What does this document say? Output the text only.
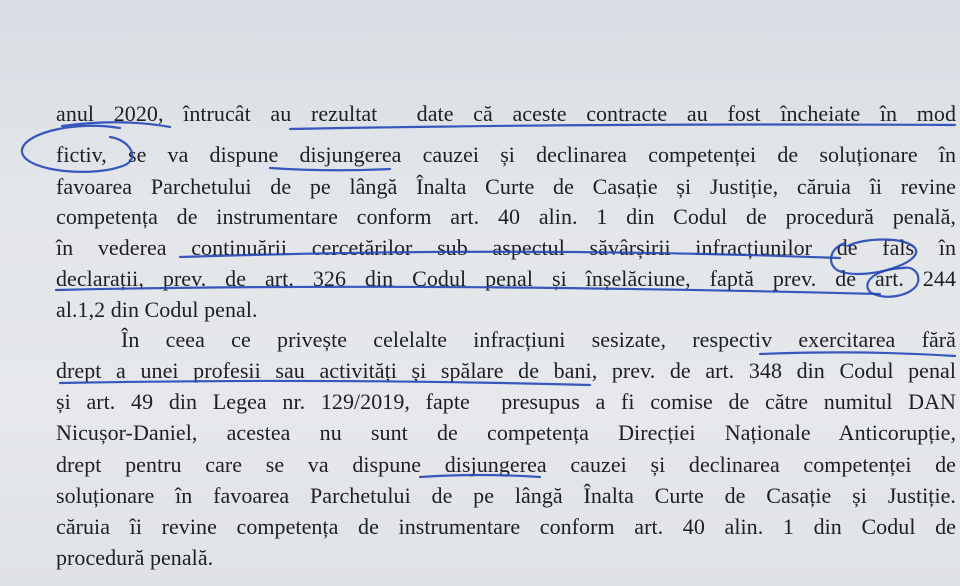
anul 2020, întrucât au rezultat  date că aceste contracte au fost încheiate în mod
fictiv, se va dispune disjungerea cauzei și declinarea competenței de soluționare în
favoarea Parchetului de pe lângă Înalta Curte de Casație și Justiție, căruia îi revine
competența de instrumentare conform art. 40 alin. 1 din Codul de procedură penală,
în vederea continuării cercetărilor sub aspectul săvârșirii infracțiunilor de fals în
declarații, prev. de art. 326 din Codul penal și înșelăciune, faptă prev. de art. 244
al.1,2 din Codul penal.
În ceea ce privește celelalte infracțiuni sesizate, respectiv exercitarea fără
drept a unei profesii sau activități și spălare de bani, prev. de art. 348 din Codul penal
și art. 49 din Legea nr. 129/2019, fapte  presupus a fi comise de către numitul DAN
Nicușor-Daniel, acestea nu sunt de competența Direcției Naționale Anticorupție,
drept pentru care se va dispune disjungerea cauzei și declinarea competenței de
soluționare în favoarea Parchetului de pe lângă Înalta Curte de Casație și Justiție.
căruia îi revine competența de instrumentare conform art. 40 alin. 1 din Codul de
procedură penală.
